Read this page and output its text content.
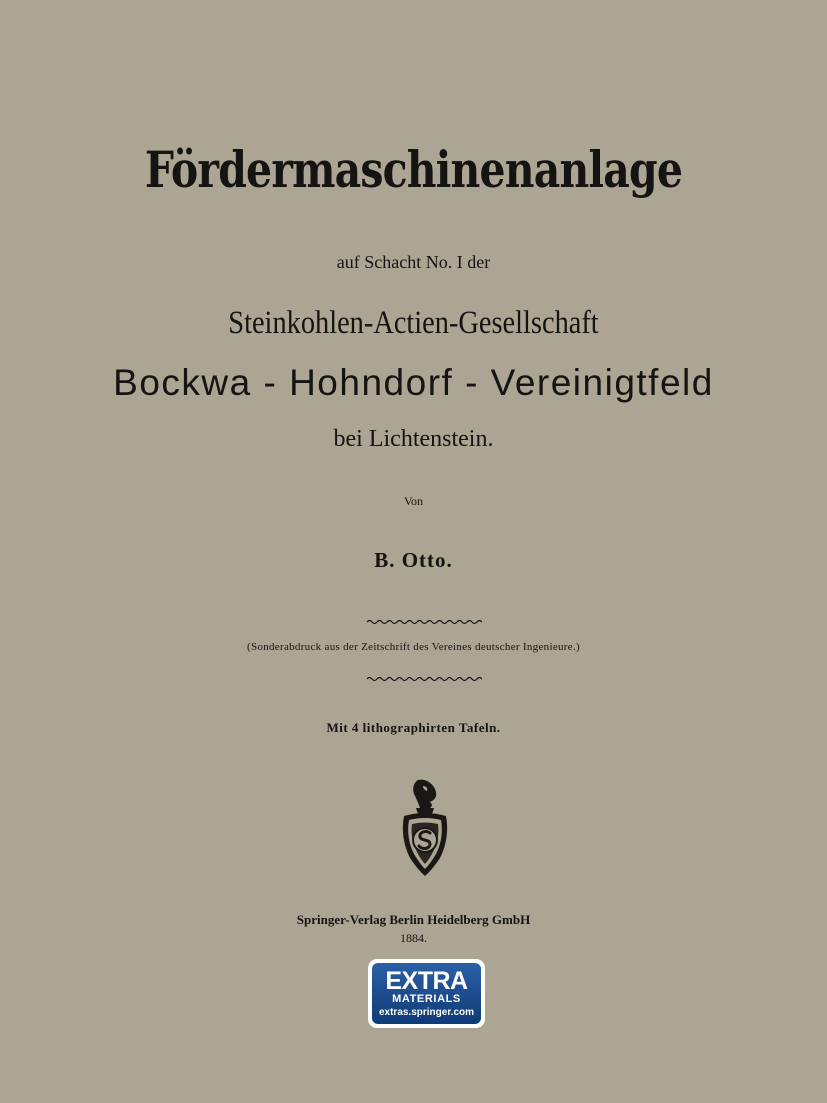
Fördermaschinenanlage
auf Schacht No. I der
Steinkohlen-Actien-Gesellschaft
Bockwa - Hohndorf - Vereinigtfeld
bei Lichtenstein.
Von
B. Otto.
(Sonderabdruck aus der Zeitschrift des Vereines deutscher Ingenieure.)
Mit 4 lithographirten Tafeln.
Springer-Verlag Berlin Heidelberg GmbH
1884.
EXTRA
MATERIALS
extras.springer.com
